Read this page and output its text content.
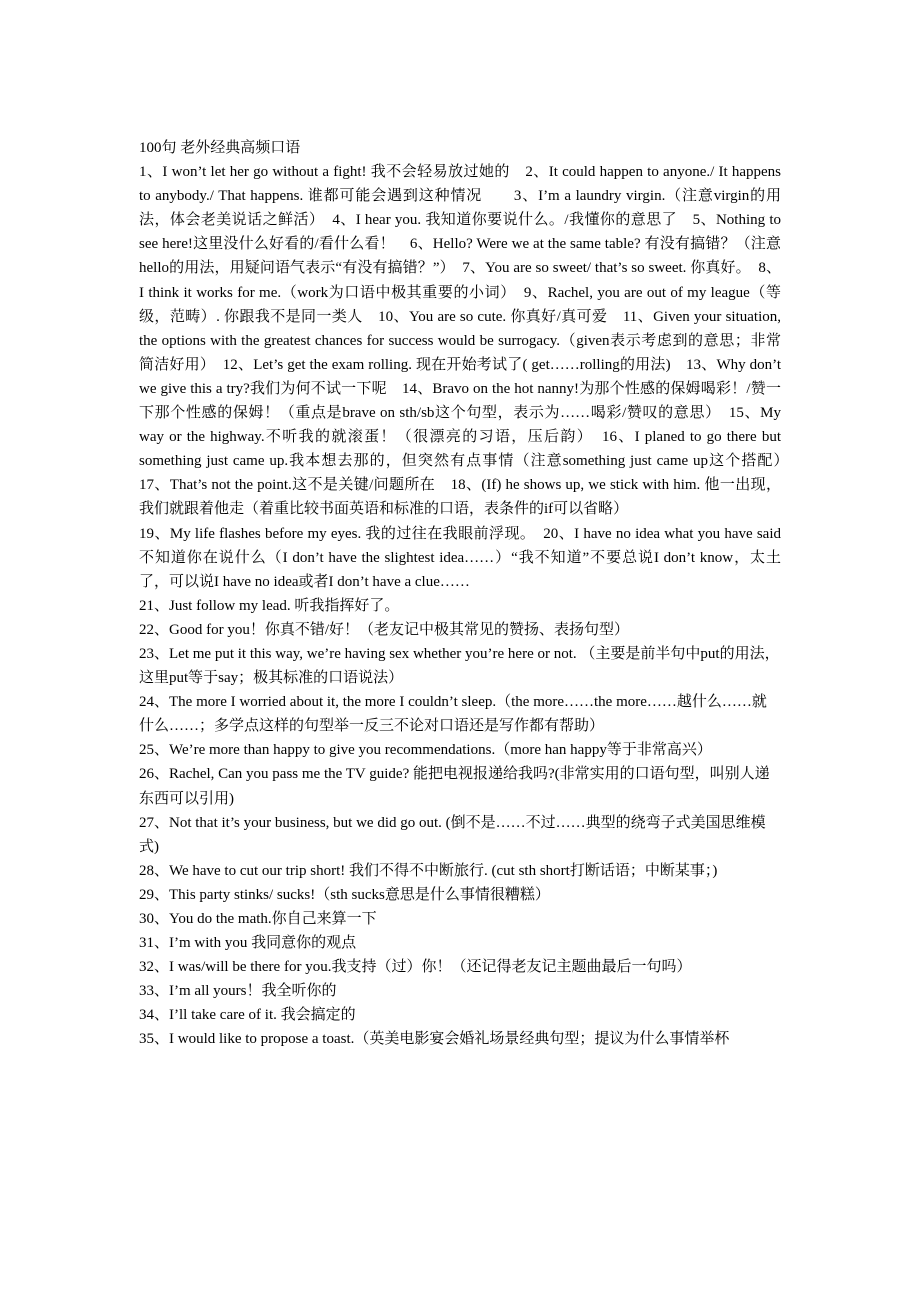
100句 老外经典高频口语

1、I won’t let her go without a fight! 我不会轻易放过她的　2、It could happen to anyone./ It happens to anybody./ That happens. 谁都可能会遇到这种情况　　3、I’m a laundry virgin.（注意virgin的用法，体会老美说话之鲜活）　4、I hear you. 我知道你要说什么。/我懂你的意思了　5、Nothing to see here!这里没什么好看的/看什么看！　6、Hello? Were we at the same table? 有没有搞错？（注意hello的用法，用疑问语气表示“有没有搞错？”）　7、You are so sweet/ that’s so sweet. 你真好。　8、I think it works for me.（work为口语中极其重要的小词）　9、Rachel, you are out of my league（等级，范畴）. 你跟我不是同一类人　10、You are so cute. 你真好/真可爱　11、Given your situation, the options with the greatest chances for success would be surrogacy.（given表示考虑到的意思；非常简洁好用）　12、Let’s get the exam rolling. 现在开始考试了( get……rolling的用法)　13、Why don’t we give this a try?我们为何不试一下呢　14、Bravo on the hot nanny!为那个性感的保姆喝彩！/赞一下那个性感的保姆！（重点是brave on sth/sb这个句型，表示为……喝彩/赞叹的意思）　15、My way or the highway.不听我的就滚蛋！（很漂亮的习语，压后韵）　16、I planed to go there but something just came up.我本想去那的，但突然有点事情（注意something just came up这个搭配）　17、That’s not the point.这不是关键/问题所在　18、(If) he shows up, we stick with him. 他一出现，我们就跟着他走（着重比较书面英语和标准的口语，表条件的if可以省略）

19、My life flashes before my eyes. 我的过往在我眼前浮现。　20、I have no idea what you have said不知道你在说什么（I don’t have the slightest idea……）“我不知道”不要总说I don’t know，太土了，可以说I have no idea或者I don’t have a clue……

21、Just follow my lead. 听我指挥好了。

22、Good for you！你真不错/好！（老友记中极其常见的赞扬、表扬句型）

23、Let me put it this way, we’re having sex whether you’re here or not. （主要是前半句中put的用法，这里put等于say；极其标准的口语说法）

24、The more I worried about it, the more I couldn’t sleep.（the more……the more……越什么……就什么……；多学点这样的句型举一反三不论对口语还是写作都有帮助）

25、We’re more than happy to give you recommendations.（more han happy等于非常高兴）

26、Rachel, Can you pass me the TV guide? 能把电视报递给我吗?(非常实用的口语句型，叫别人递东西可以引用)

27、Not that it’s your business, but we did go out. (倒不是……不过……典型的绕弯子式美国思维模式)

28、We have to cut our trip short! 我们不得不中断旅行. (cut sth short打断话语；中断某事；)

29、This party stinks/ sucks!（sth sucks意思是什么事情很糟糕）

30、You do the math.你自己来算一下

31、I’m with you 我同意你的观点

32、I was/will be there for you.我支持（过）你！（还记得老友记主题曲最后一句吗）

33、I’m all yours！我全听你的

34、I’ll take care of it. 我会搞定的

35、I would like to propose a toast.（英美电影宴会婚礼场景经典句型；提议为什么事情举杯
